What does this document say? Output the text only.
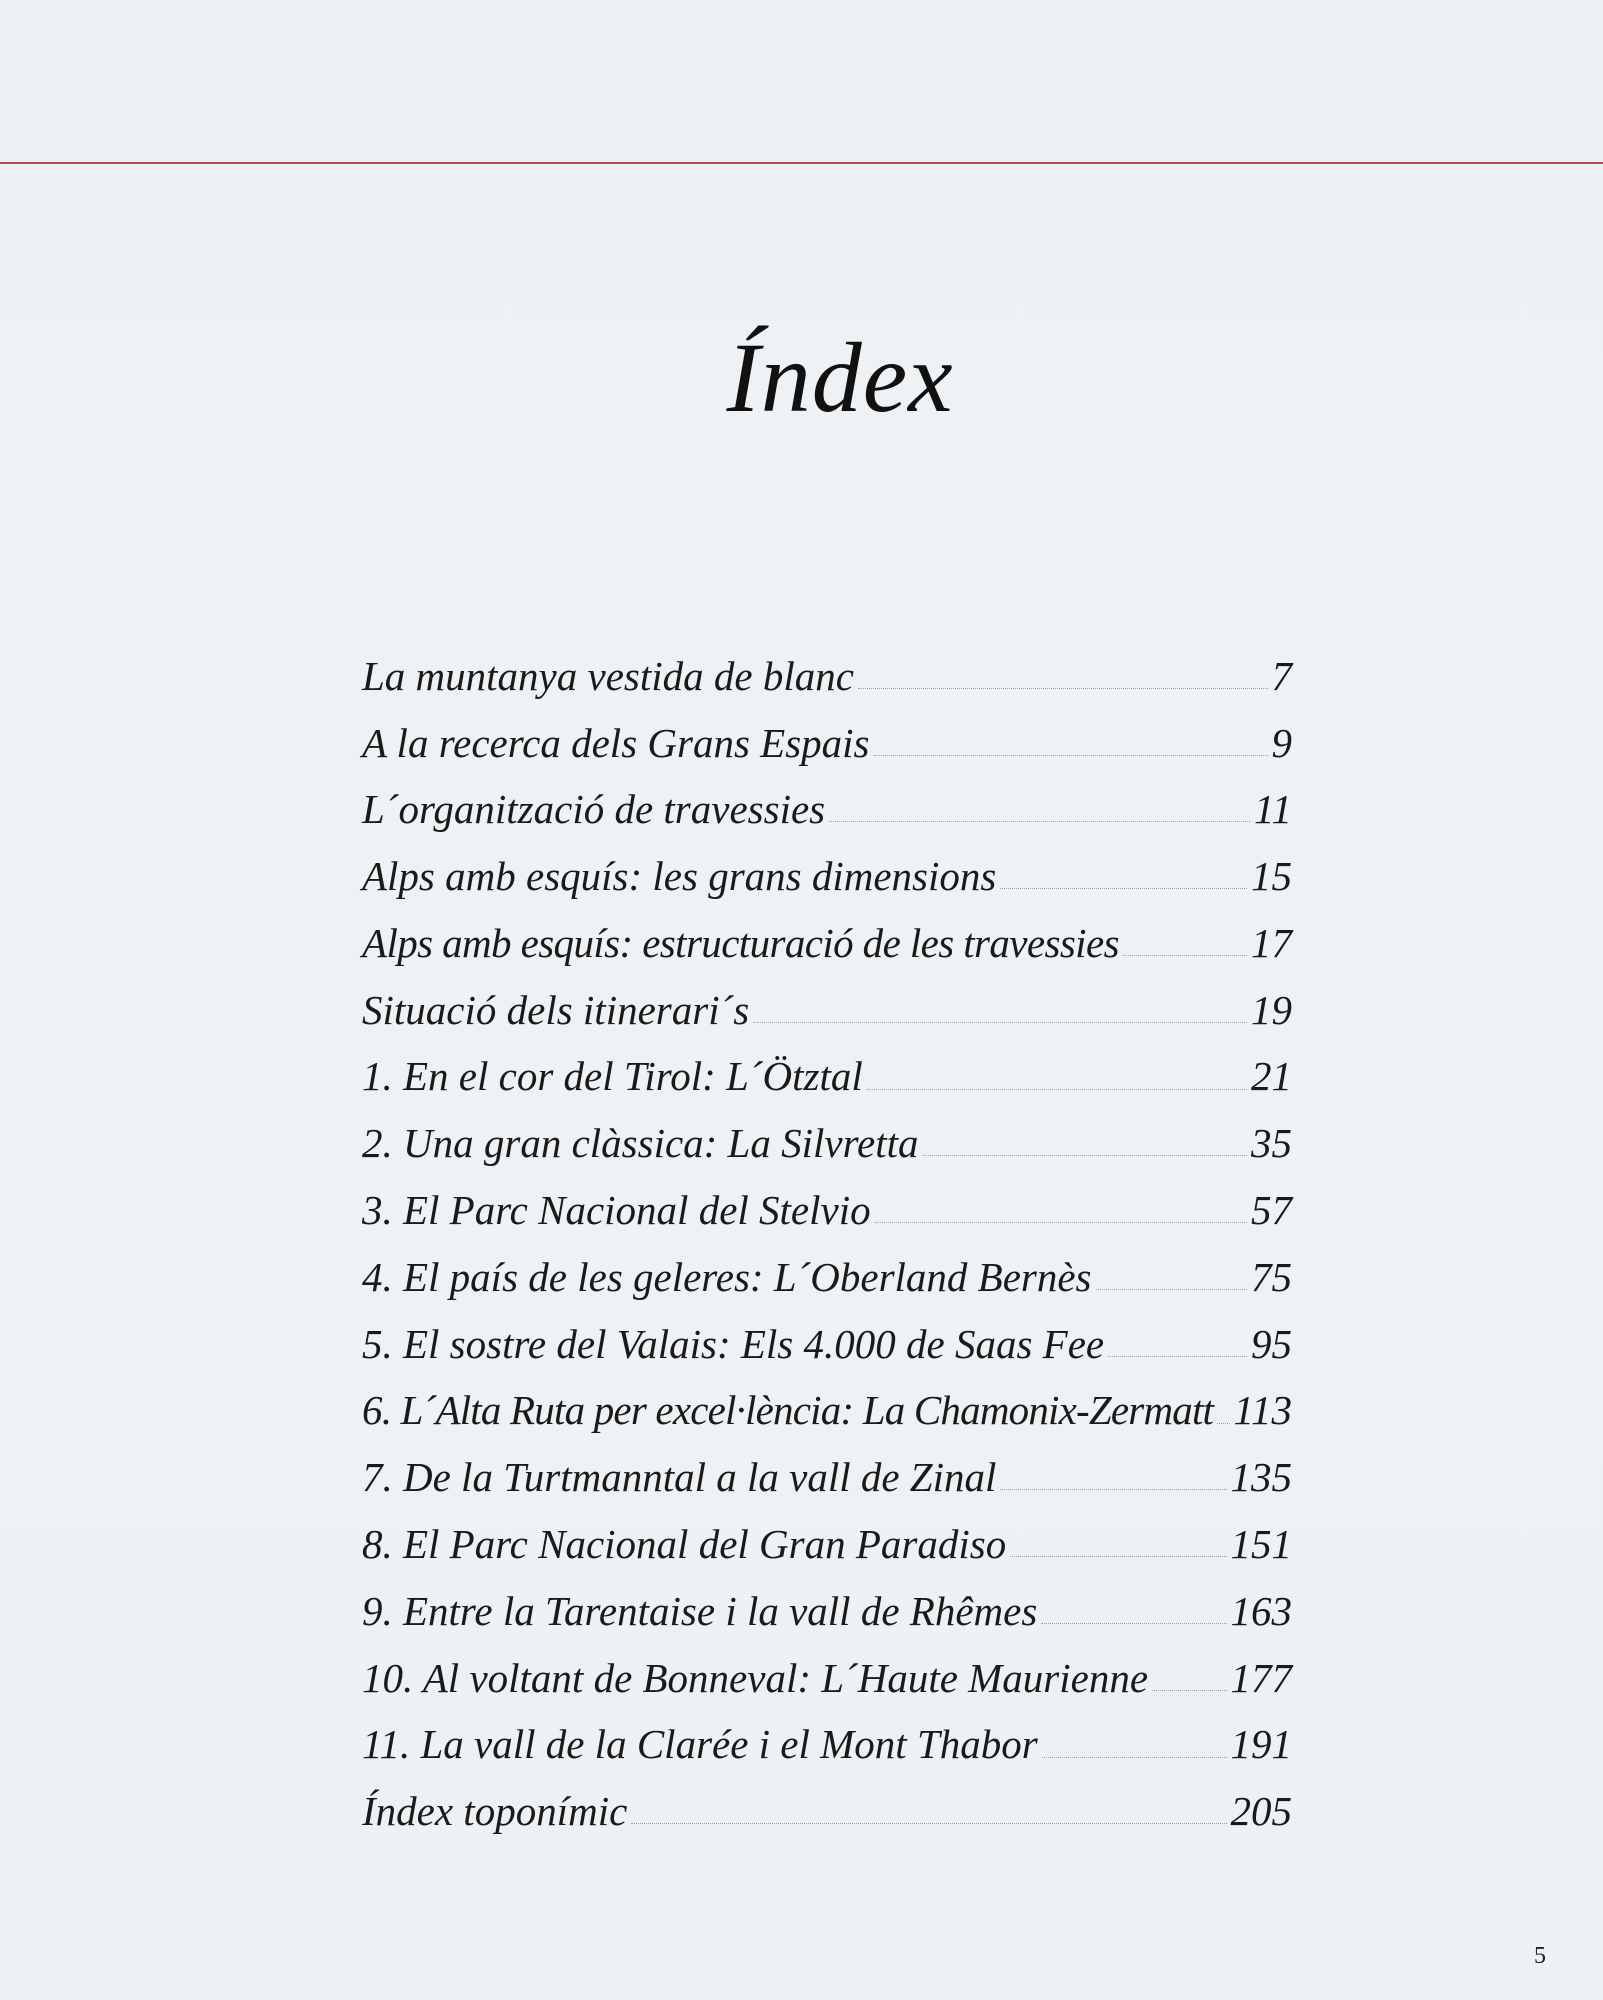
Índex
La muntanya vestida de blanc	7
A la recerca dels Grans Espais	9
L´organització de travessies	11
Alps amb esquís: les grans dimensions	15
Alps amb esquís: estructuració de les travessies	17
Situació dels itinerari´s	19
1. En el cor del Tirol: L´Ötztal	21
2. Una gran clàssica: La Silvretta	35
3. El Parc Nacional del Stelvio	57
4. El país de les geleres: L´Oberland Bernès	75
5. El sostre del Valais: Els 4.000 de Saas Fee	95
6. L´Alta Ruta per excel·lència: La Chamonix-Zermatt 113
7. De la Turtmanntal a la vall de Zinal	135
8. El Parc Nacional del Gran Paradiso	151
9. Entre la Tarentaise i la vall de Rhêmes	163
10. Al voltant de Bonneval: L´Haute Maurienne 177
11. La vall de la Clarée i el Mont Thabor	191
Índex toponímic	205
5
